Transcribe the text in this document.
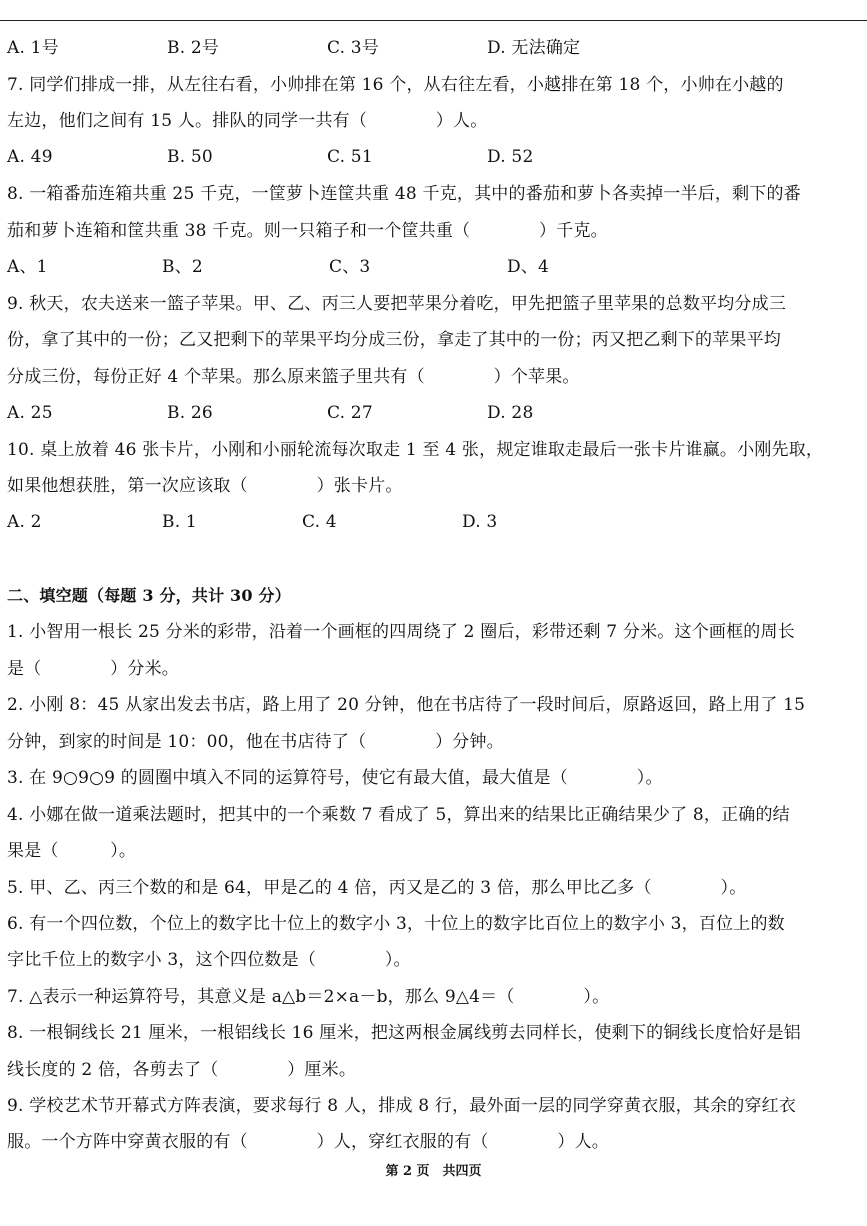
A. 1号	B. 2号	C. 3号	D. 无法确定
7. 同学们排成一排，从左往右看，小帅排在第 16 个，从右往左看，小越排在第 18 个，小帅在小越的
左边，他们之间有 15 人。排队的同学一共有（　　　　）人。
A. 49	B. 50	C. 51	D. 52
8. 一箱番茄连箱共重 25 千克，一筐萝卜连筐共重 48 千克，其中的番茄和萝卜各卖掉一半后，剩下的番
茄和萝卜连箱和筐共重 38 千克。则一只箱子和一个筐共重（　　　　）千克。
A、1	B、2	C、3	D、4
9. 秋天，农夫送来一篮子苹果。甲、乙、丙三人要把苹果分着吃，甲先把篮子里苹果的总数平均分成三
份，拿了其中的一份；乙又把剩下的苹果平均分成三份，拿走了其中的一份；丙又把乙剩下的苹果平均
分成三份，每份正好 4 个苹果。那么原来篮子里共有（　　　　）个苹果。
A. 25	B. 26	C. 27	D. 28
10. 桌上放着 46 张卡片，小刚和小丽轮流每次取走 1 至 4 张，规定谁取走最后一张卡片谁赢。小刚先取，
如果他想获胜，第一次应该取（　　　　）张卡片。
A. 2	B. 1	C. 4	D. 3
二、填空题（每题 3 分，共计 30 分）
1. 小智用一根长 25 分米的彩带，沿着一个画框的四周绕了 2 圈后，彩带还剩 7 分米。这个画框的周长
是（　　　　）分米。
2. 小刚 8：45 从家出发去书店，路上用了 20 分钟，他在书店待了一段时间后，原路返回，路上用了 15
分钟，到家的时间是 10：00，他在书店待了（　　　　）分钟。
3. 在 9○9○9 的圆圈中填入不同的运算符号，使它有最大值，最大值是（　　　　）。
4. 小娜在做一道乘法题时，把其中的一个乘数 7 看成了 5，算出来的结果比正确结果少了 8，正确的结
果是（　　　）。
5. 甲、乙、丙三个数的和是 64，甲是乙的 4 倍，丙又是乙的 3 倍，那么甲比乙多（　　　　）。
6. 有一个四位数，个位上的数字比十位上的数字小 3，十位上的数字比百位上的数字小 3，百位上的数
字比千位上的数字小 3，这个四位数是（　　　　）。
7. △表示一种运算符号，其意义是 a△b＝2×a－b，那么 9△4＝（　　　　）。
8. 一根铜线长 21 厘米，一根铝线长 16 厘米，把这两根金属线剪去同样长，使剩下的铜线长度恰好是铝
线长度的 2 倍，各剪去了（　　　　）厘米。
9. 学校艺术节开幕式方阵表演，要求每行 8 人，排成 8 行，最外面一层的同学穿黄衣服，其余的穿红衣
服。一个方阵中穿黄衣服的有（　　　　）人，穿红衣服的有（　　　　）人。
第 2 页　共四页
